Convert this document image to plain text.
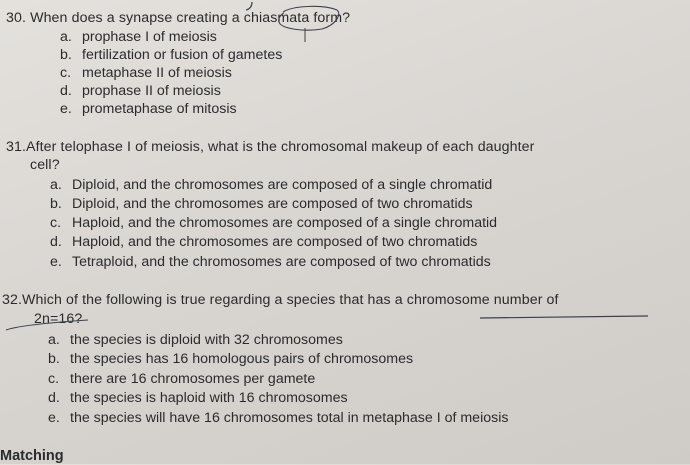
30. When does a synapse creating a chiasmata form?
a. prophase I of meiosis
b. fertilization or fusion of gametes
c. metaphase II of meiosis
d. prophase II of meiosis
e. prometaphase of mitosis
31.After telophase I of meiosis, what is the chromosomal makeup of each daughter
cell?
a. Diploid, and the chromosomes are composed of a single chromatid
b. Diploid, and the chromosomes are composed of two chromatids
c. Haploid, and the chromosomes are composed of a single chromatid
d. Haploid, and the chromosomes are composed of two chromatids
e. Tetraploid, and the chromosomes are composed of two chromatids
32.Which of the following is true regarding a species that has a chromosome number of
2n=16?
a. the species is diploid with 32 chromosomes
b. the species has 16 homologous pairs of chromosomes
c. there are 16 chromosomes per gamete
d. the species is haploid with 16 chromosomes
e. the species will have 16 chromosomes total in metaphase I of meiosis
Matching
